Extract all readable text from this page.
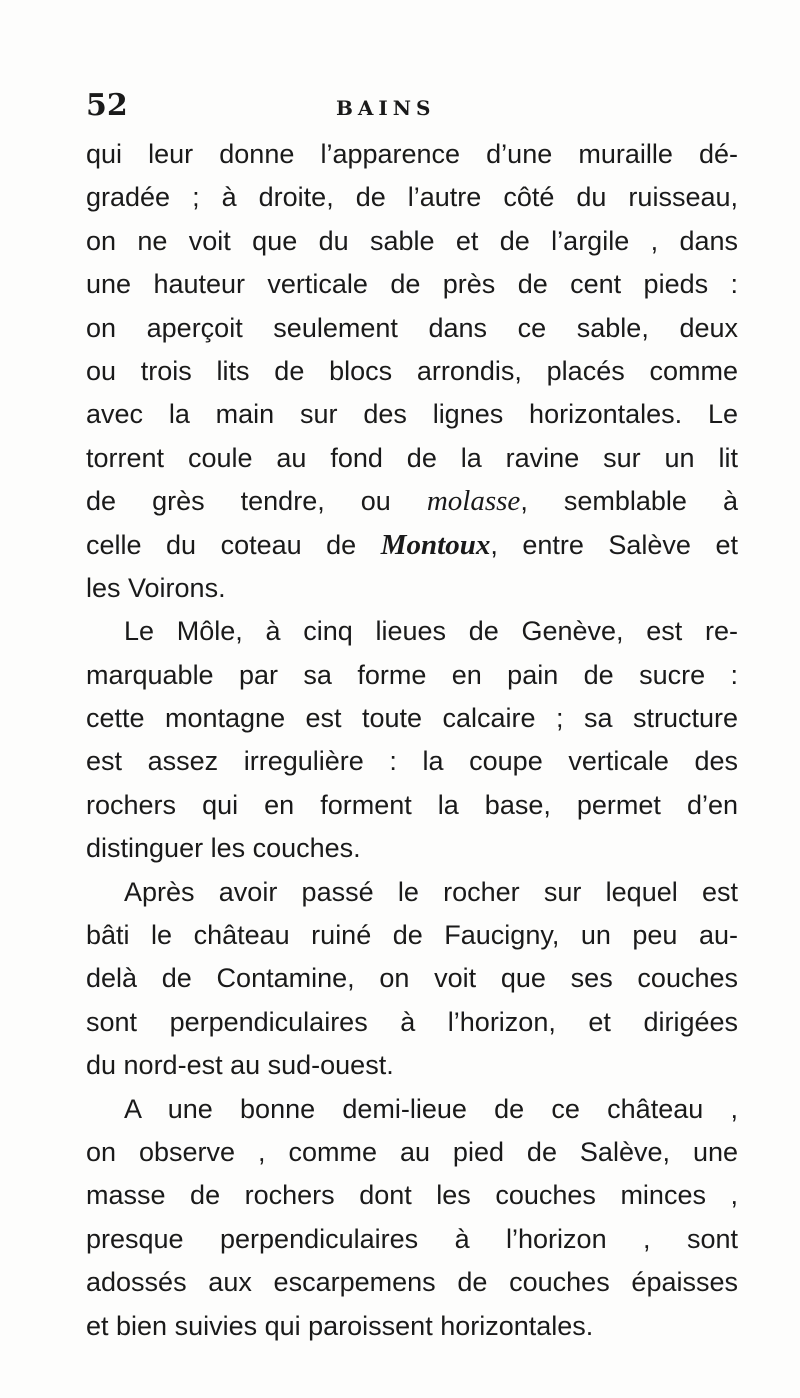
52	BAINS
qui leur donne l’apparence d’une muraille dé-
gradée ; à droite, de l’autre côté du ruisseau,
on ne voit que du sable et de l’argile , dans
une hauteur verticale de près de cent pieds :
on aperçoit seulement dans ce sable, deux
ou trois lits de blocs arrondis, placés comme
avec la main sur des lignes horizontales. Le
torrent coule au fond de la ravine sur un lit
de grès tendre, ou molasse, semblable à
celle du coteau de Montoux, entre Salève et
les Voirons.
Le Môle, à cinq lieues de Genève, est re-
marquable par sa forme en pain de sucre :
cette montagne est toute calcaire ; sa structure
est assez irregulière : la coupe verticale des
rochers qui en forment la base, permet d’en
distinguer les couches.
Après avoir passé le rocher sur lequel est
bâti le château ruiné de Faucigny, un peu au-
delà de Contamine, on voit que ses couches
sont perpendiculaires à l’horizon, et dirigées
du nord-est au sud-ouest.
A une bonne demi-lieue de ce château ,
on observe , comme au pied de Salève, une
masse de rochers dont les couches minces ,
presque perpendiculaires à l’horizon , sont
adossés aux escarpemens de couches épaisses
et bien suivies qui paroissent horizontales.
